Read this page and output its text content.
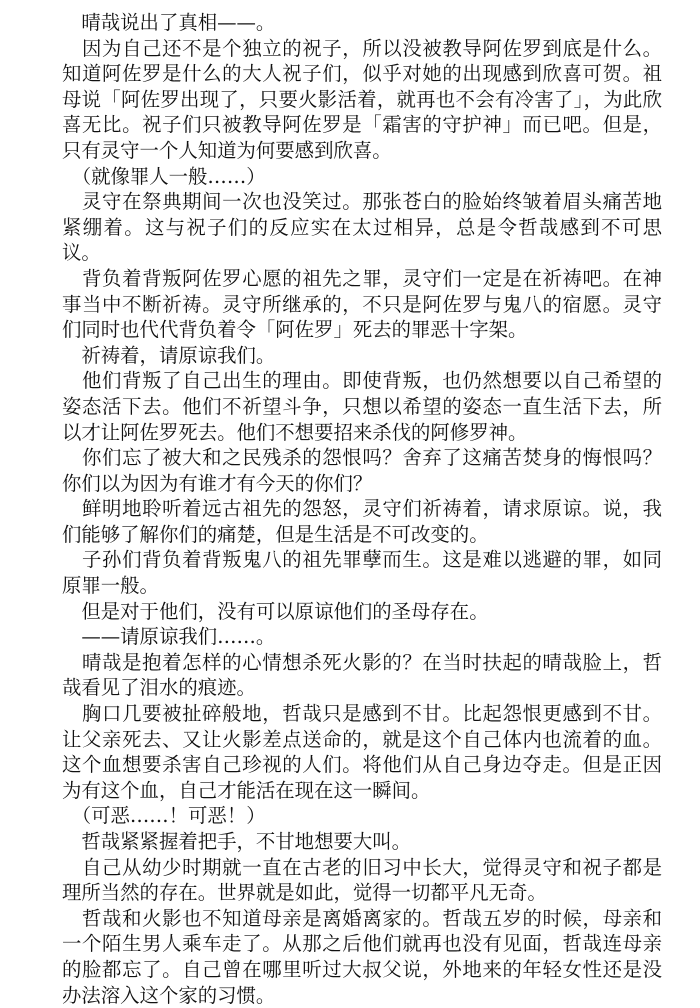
　晴哉说出了真相——。

　因为自己还不是个独立的祝子，所以没被教导阿佐罗到底是什么。知道阿佐罗是什么的大人祝子们，似乎对她的出现感到欣喜可贺。祖母说「阿佐罗出现了，只要火影活着，就再也不会有冷害了」，为此欣喜无比。祝子们只被教导阿佐罗是「霜害的守护神」而已吧。但是，只有灵守一个人知道为何要感到欣喜。

　（就像罪人一般……）

　灵守在祭典期间一次也没笑过。那张苍白的脸始终皱着眉头痛苦地紧绷着。这与祝子们的反应实在太过相异，总是令哲哉感到不可思议。

　背负着背叛阿佐罗心愿的祖先之罪，灵守们一定是在祈祷吧。在神事当中不断祈祷。灵守所继承的，不只是阿佐罗与鬼八的宿愿。灵守们同时也代代背负着令「阿佐罗」死去的罪恶十字架。

　祈祷着，请原谅我们。

　他们背叛了自己出生的理由。即使背叛，也仍然想要以自己希望的姿态活下去。他们不祈望斗争，只想以希望的姿态一直生活下去，所以才让阿佐罗死去。他们不想要招来杀伐的阿修罗神。

　你们忘了被大和之民残杀的怨恨吗？舍弃了这痛苦焚身的悔恨吗？你们以为因为有谁才有今天的你们？

　鲜明地聆听着远古祖先的怨怒，灵守们祈祷着，请求原谅。说，我们能够了解你们的痛楚，但是生活是不可改变的。

　子孙们背负着背叛鬼八的祖先罪孽而生。这是难以逃避的罪，如同原罪一般。

　但是对于他们，没有可以原谅他们的圣母存在。

　——请原谅我们……。

　晴哉是抱着怎样的心情想杀死火影的？在当时扶起的晴哉脸上，哲哉看见了泪水的痕迹。

　胸口几要被扯碎般地，哲哉只是感到不甘。比起怨恨更感到不甘。让父亲死去、又让火影差点送命的，就是这个自己体内也流着的血。这个血想要杀害自己珍视的人们。将他们从自己身边夺走。但是正因为有这个血，自己才能活在现在这一瞬间。

　（可恶……！可恶！）

　哲哉紧紧握着把手，不甘地想要大叫。

　自己从幼少时期就一直在古老的旧习中长大，觉得灵守和祝子都是理所当然的存在。世界就是如此，觉得一切都平凡无奇。

　哲哉和火影也不知道母亲是离婚离家的。哲哉五岁的时候，母亲和一个陌生男人乘车走了。从那之后他们就再也没有见面，哲哉连母亲的脸都忘了。自己曾在哪里听过大叔父说，外地来的年轻女性还是没办法溶入这个家的习惯。
